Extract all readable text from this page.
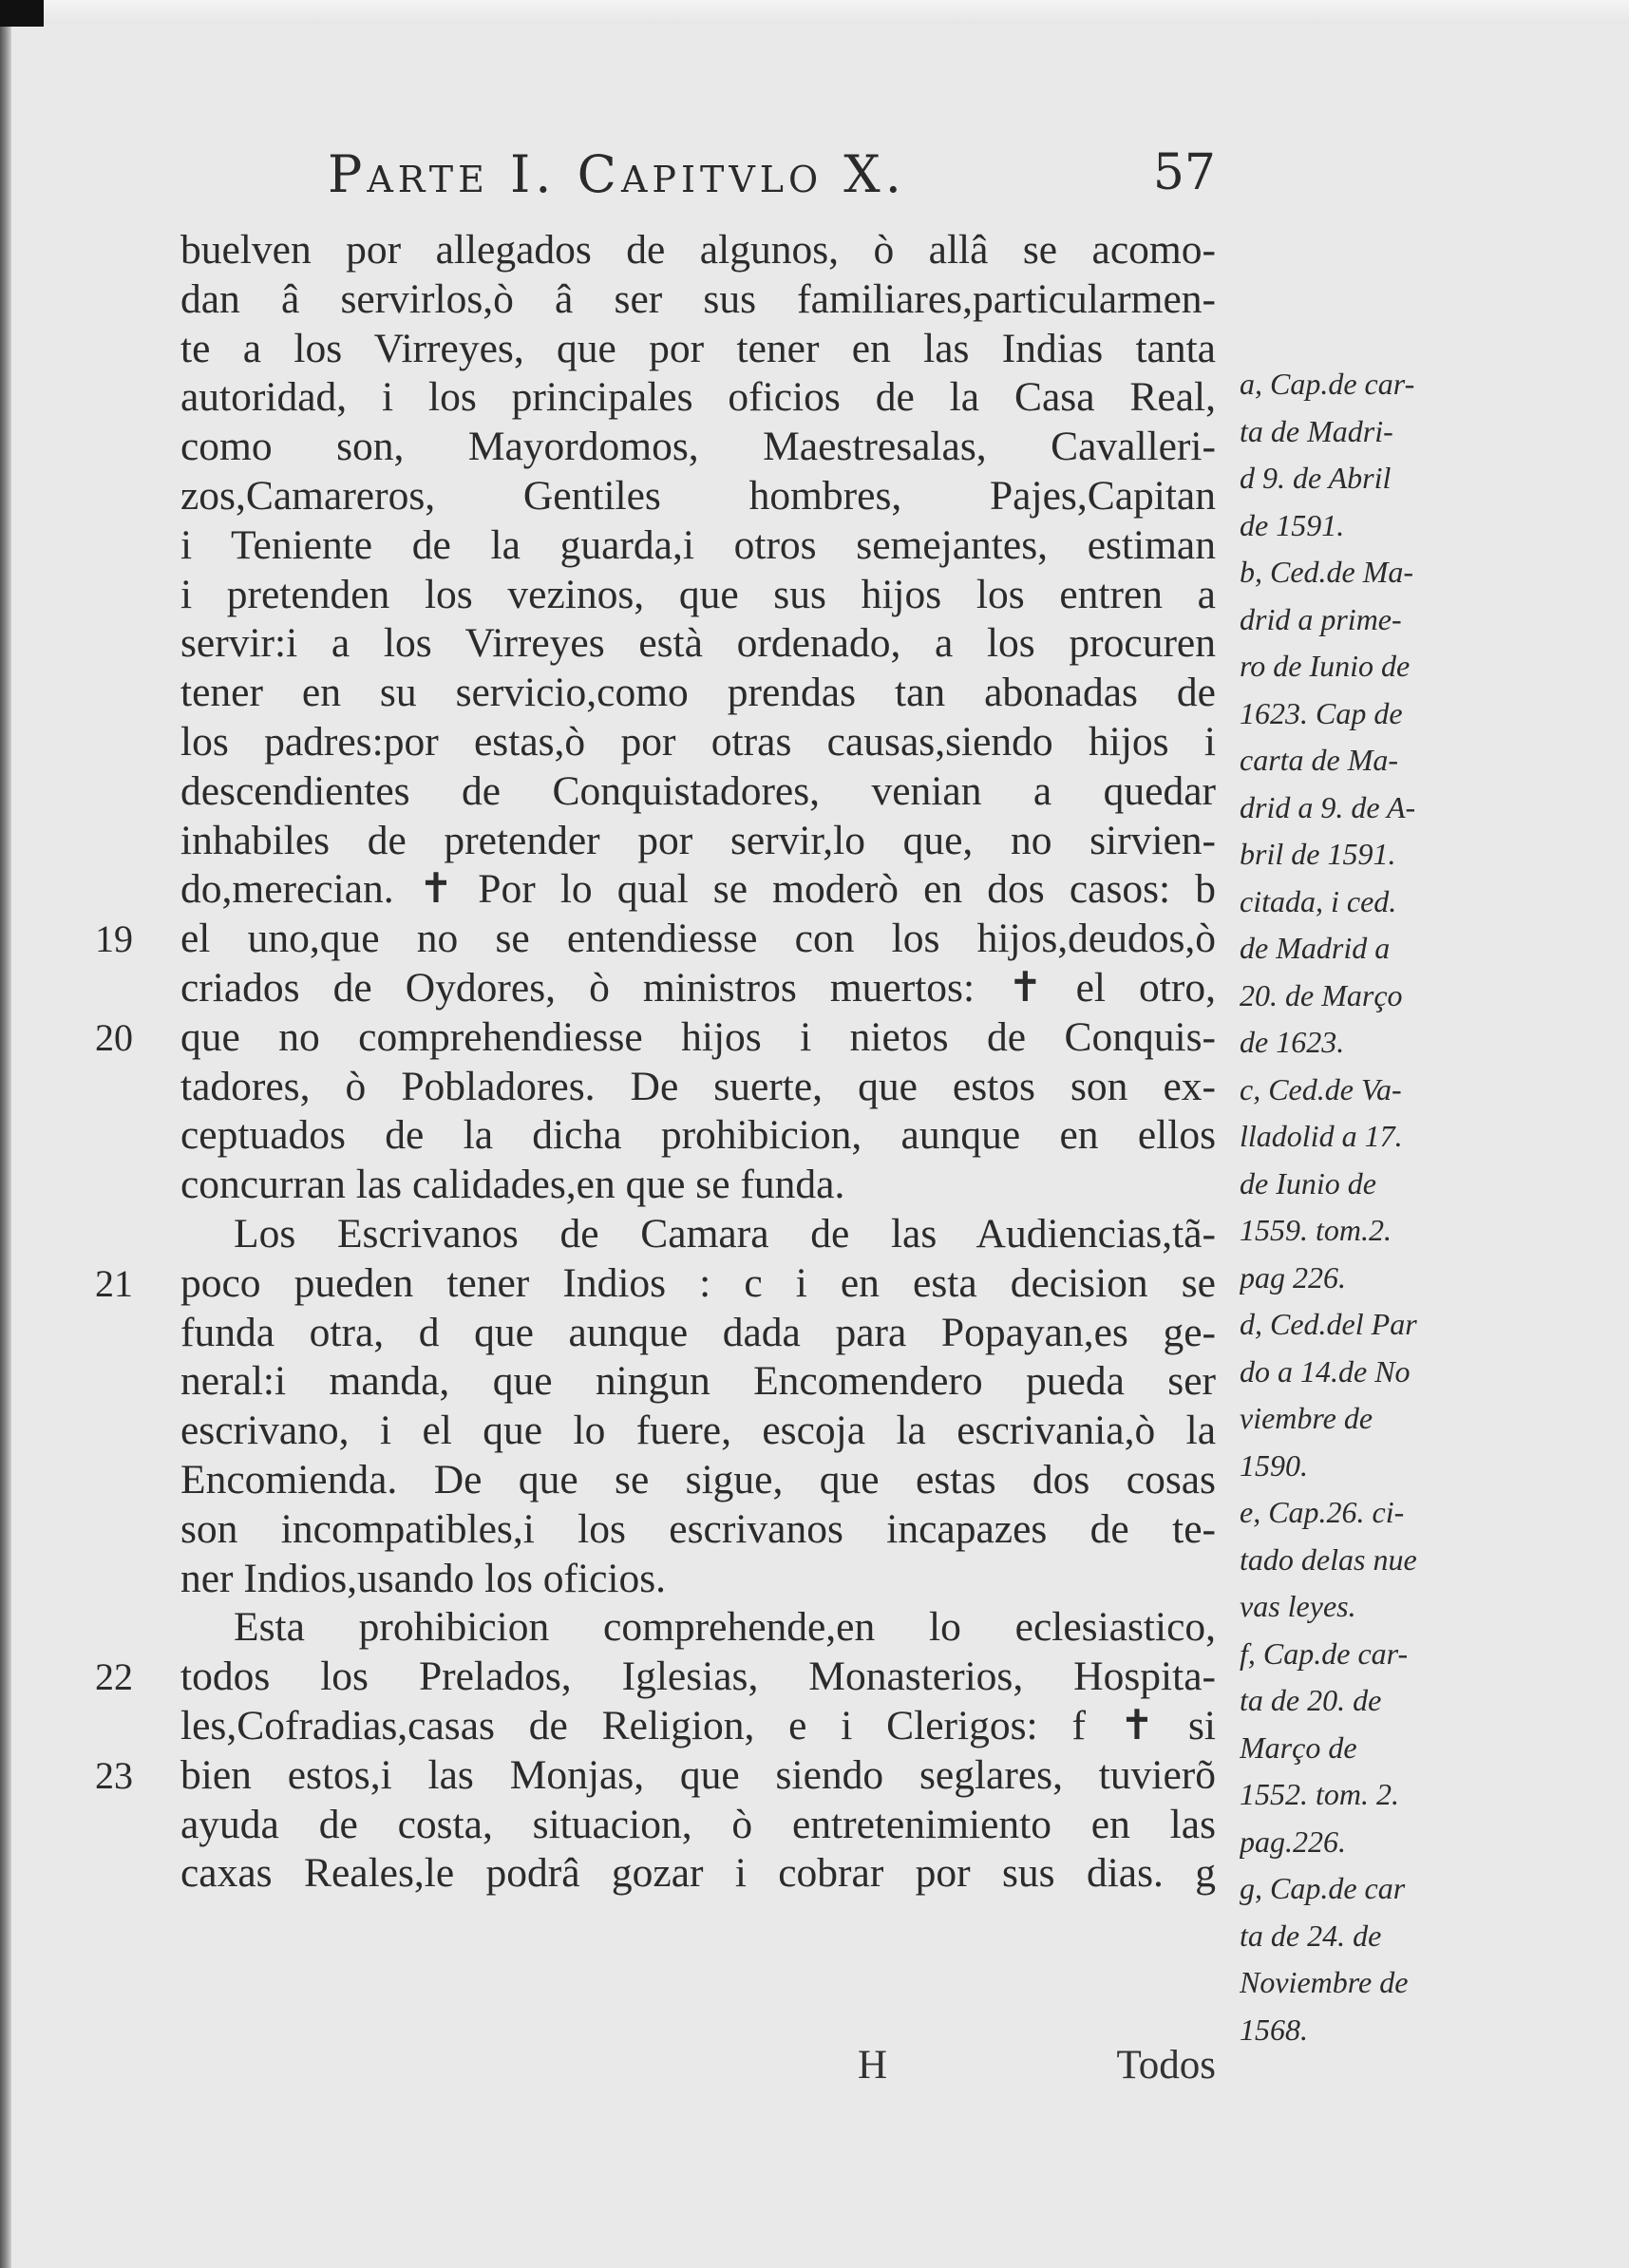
Parte I. Capitvlo X.	57
19
20
21
22
23
buelven por allegados de algunos, ò allâ se acomo-
dan â servirlos,ò â ser sus familiares,particularmen-
te a los Virreyes, que por tener en las Indias tanta
autoridad, i los principales oficios de la Casa Real,
como son, Mayordomos, Maestresalas, Cavalleri-
zos,Camareros, Gentiles hombres, Pajes,Capitan
i Teniente de la guarda,i otros semejantes, estiman
i pretenden los vezinos, que sus hijos los entren a
servir:i a los Virreyes està ordenado, a los procuren
tener en su servicio,como prendas tan abonadas de
los padres:por estas,ò por otras causas,siendo hijos i
descendientes de Conquistadores, venian a quedar
inhabiles de pretender por servir,lo que, no sirvien-
do,merecian. ✝ Por lo qual se moderò en dos casos: b
el uno,que no se entendiesse con los hijos,deudos,ò
criados de Oydores, ò ministros muertos: ✝ el otro,
que no comprehendiesse hijos i nietos de Conquis-
tadores, ò Pobladores. De suerte, que estos son ex-
ceptuados de la dicha prohibicion, aunque en ellos
concurran las calidades,en que se funda.
Los Escrivanos de Camara de las Audiencias,tã-
poco pueden tener Indios : c i en esta decision se
funda otra, d que aunque dada para Popayan,es ge-
neral:i manda, que ningun Encomendero pueda ser
escrivano, i el que lo fuere, escoja la escrivania,ò la
Encomienda. De que se sigue, que estas dos cosas
son incompatibles,i los escrivanos incapazes de te-
ner Indios,usando los oficios.
Esta prohibicion comprehende,en lo eclesiastico,
todos los Prelados, Iglesias, Monasterios, Hospita-
les,Cofradias,casas de Religion, e i Clerigos: f ✝ si
bien estos,i las Monjas, que siendo seglares, tuvierõ
ayuda de costa, situacion, ò entretenimiento en las
caxas Reales,le podrâ gozar i cobrar por sus dias. g
a, Cap.de car-
ta de Madri-
d 9. de Abril
de 1591.
b, Ced.de Ma-
drid a prime-
ro de Iunio de
1623. Cap de
carta de Ma-
drid a 9. de A-
bril de 1591.
citada, i ced.
de Madrid a
20. de Março
de 1623.
c, Ced.de Va-
lladolid a 17.
de Iunio de
1559. tom.2.
pag 226.
d, Ced.del Par
do a 14.de No
viembre de
1590.
e, Cap.26. ci-
tado delas nue
vas leyes.
f, Cap.de car-
ta de 20. de
Março de
1552. tom. 2.
pag.226.
g, Cap.de car
ta de 24. de
Noviembre de
1568.
H	Todos
